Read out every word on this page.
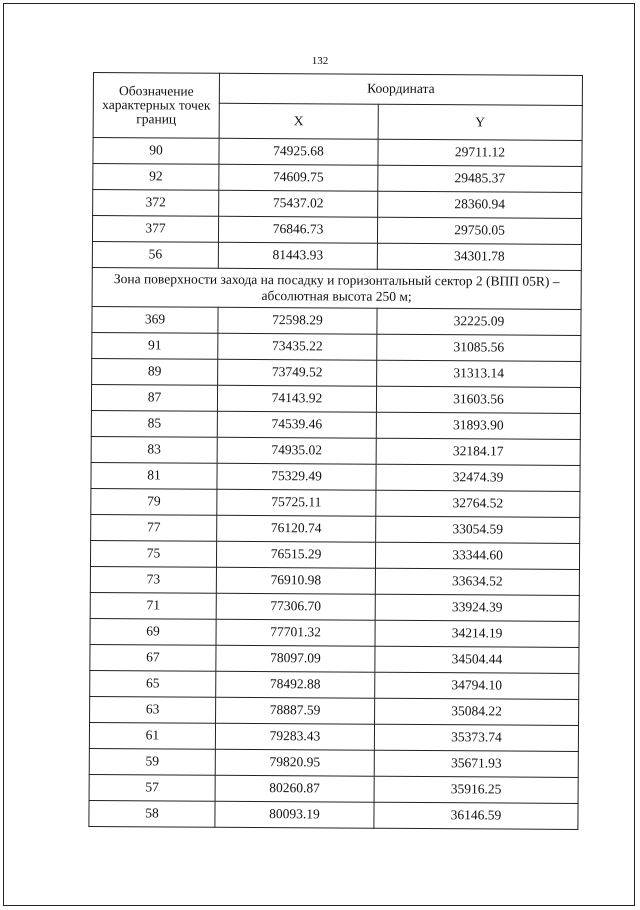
132
Обозначение характерных точек границ	Координата	
	X	Y
90	74925.68	29711.12
92	74609.75	29485.37
372	75437.02	28360.94
377	76846.73	29750.05
56	81443.93	34301.78
Зона поверхности захода на посадку и горизонтальный сектор 2 (ВПП 05R) – абсолютная высота 250 м;		
369	72598.29	32225.09
91	73435.22	31085.56
89	73749.52	31313.14
87	74143.92	31603.56
85	74539.46	31893.90
83	74935.02	32184.17
81	75329.49	32474.39
79	75725.11	32764.52
77	76120.74	33054.59
75	76515.29	33344.60
73	76910.98	33634.52
71	77306.70	33924.39
69	77701.32	34214.19
67	78097.09	34504.44
65	78492.88	34794.10
63	78887.59	35084.22
61	79283.43	35373.74
59	79820.95	35671.93
57	80260.87	35916.25
58	80093.19	36146.59
